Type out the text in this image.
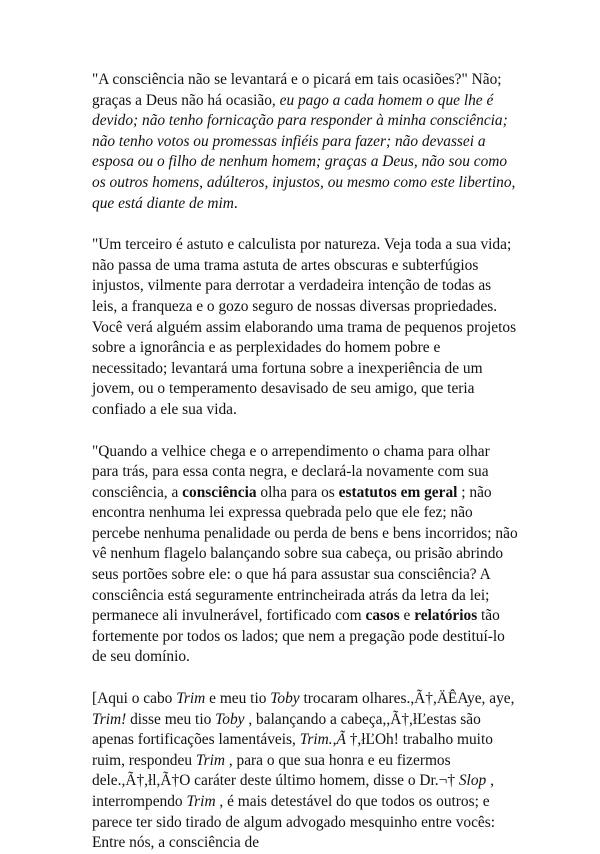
"A consciência não se levantará e o picará em tais ocasiões?" Não; graças a Deus não há ocasião, eu pago a cada homem o que lhe é devido; não tenho fornicação para responder à minha consciência; não tenho votos ou promessas infiéis para fazer; não devassei a esposa ou o filho de nenhum homem; graças a Deus, não sou como os outros homens, adúlteros, injustos, ou mesmo como este libertino, que está diante de mim.

"Um terceiro é astuto e calculista por natureza. Veja toda a sua vida; não passa de uma trama astuta de artes obscuras e subterfúgios injustos, vilmente para derrotar a verdadeira intenção de todas as leis, a franqueza e o gozo seguro de nossas diversas propriedades. Você verá alguém assim elaborando uma trama de pequenos projetos sobre a ignorância e as perplexidades do homem pobre e necessitado; levantará uma fortuna sobre a inexperiência de um jovem, ou o temperamento desavisado de seu amigo, que teria confiado a ele sua vida.

"Quando a velhice chega e o arrependimento o chama para olhar para trás, para essa conta negra, e declará-la novamente com sua consciência, a consciência olha para os estatutos em geral ; não encontra nenhuma lei expressa quebrada pelo que ele fez; não percebe nenhuma penalidade ou perda de bens e bens incorridos; não vê nenhum flagelo balançando sobre sua cabeça, ou prisão abrindo seus portões sobre ele: o que há para assustar sua consciência? A consciência está seguramente entrincheirada atrás da letra da lei; permanece ali invulnerável, fortificado com casos e relatórios tão fortemente por todos os lados; que nem a pregação pode destituí-lo de seu domínio.

[Aqui o cabo Trim e meu tio Toby trocaram olhares.,Ã†,ÄÊAye, aye, Trim! disse meu tio Toby , balançando a cabeça,,Ã†,łĽestas são apenas fortificações lamentáveis, Trim.,Ã †,łĽOh! trabalho muito ruim, respondeu Trim , para o que sua honra e eu fizermos dele.,Ã†,łl,Ã†O caráter deste último homem, disse o Dr.¬† Slop , interrompendo Trim , é mais detestável do que todos os outros; e parece ter sido tirado de algum advogado mesquinho entre vocês: Entre nós, a consciência de
